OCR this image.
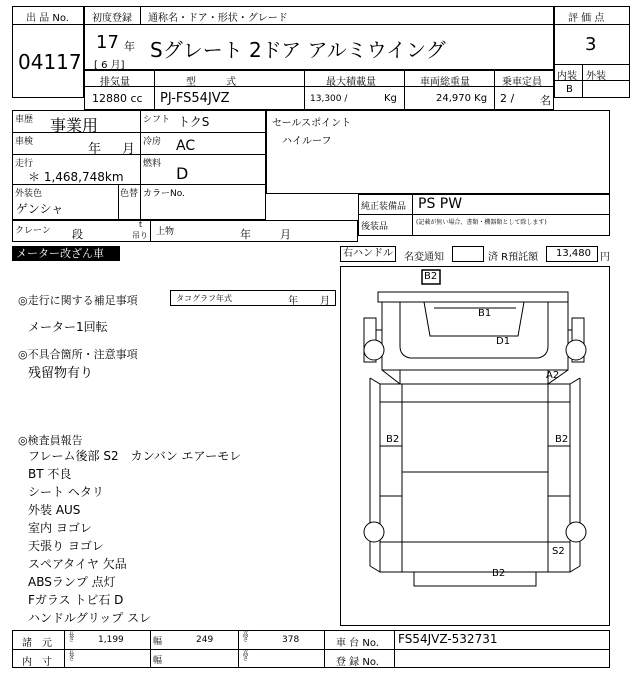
出 品 No.
04117
初度登録 通称名・ドア・形状・グレード
17 年
[ 6 月]
Sグレート 2ドア アルミウイング
評 価 点
3
内装 外装
B
排気量	型　　　式	最大積載量	車両総重量	乗車定員
12880 cc PJ-FS54JVZ	13,300 /	Kg	24,970 Kg 2 / 名
車歴 事業用	シフト トクS
車検	年 月 冷房 AC
走行
＊ 1,468,748km
燃料 D
外装色
ゲンシャ
色替 カラーNo.
セールスポイント
ハイルーフ
純正装備品 PS PW
後装品	(記載が無い場合、書類・機器類として除します)
クレーン 段
t
吊り 上物	年	月
メーター改ざん車	右ハンドル	名変通知	済 R預託額 13,480 円
◎走行に関する補足事項	タコグラフ年式	年 月
メーター1回転
◎不具合箇所・注意事項
残留物有り
◎検査員報告
フレーム後部 S2　カンバン エアーモレ
BT 不良
シート ヘタリ
外装 AUS
室内 ヨゴレ
天張り ヨゴレ
スペアタイヤ 欠品
ABSランプ 点灯
Fガラス トビ石 D
ハンドルグリップ スレ
B2
B1
D1
A2
B2	B2
S2
B2
諸　元
長さ	1,199	幅	249	高さ	378	車 台 No. FS54JVZ-532731
内　寸
長さ
幅
高さ
登 録 No.
